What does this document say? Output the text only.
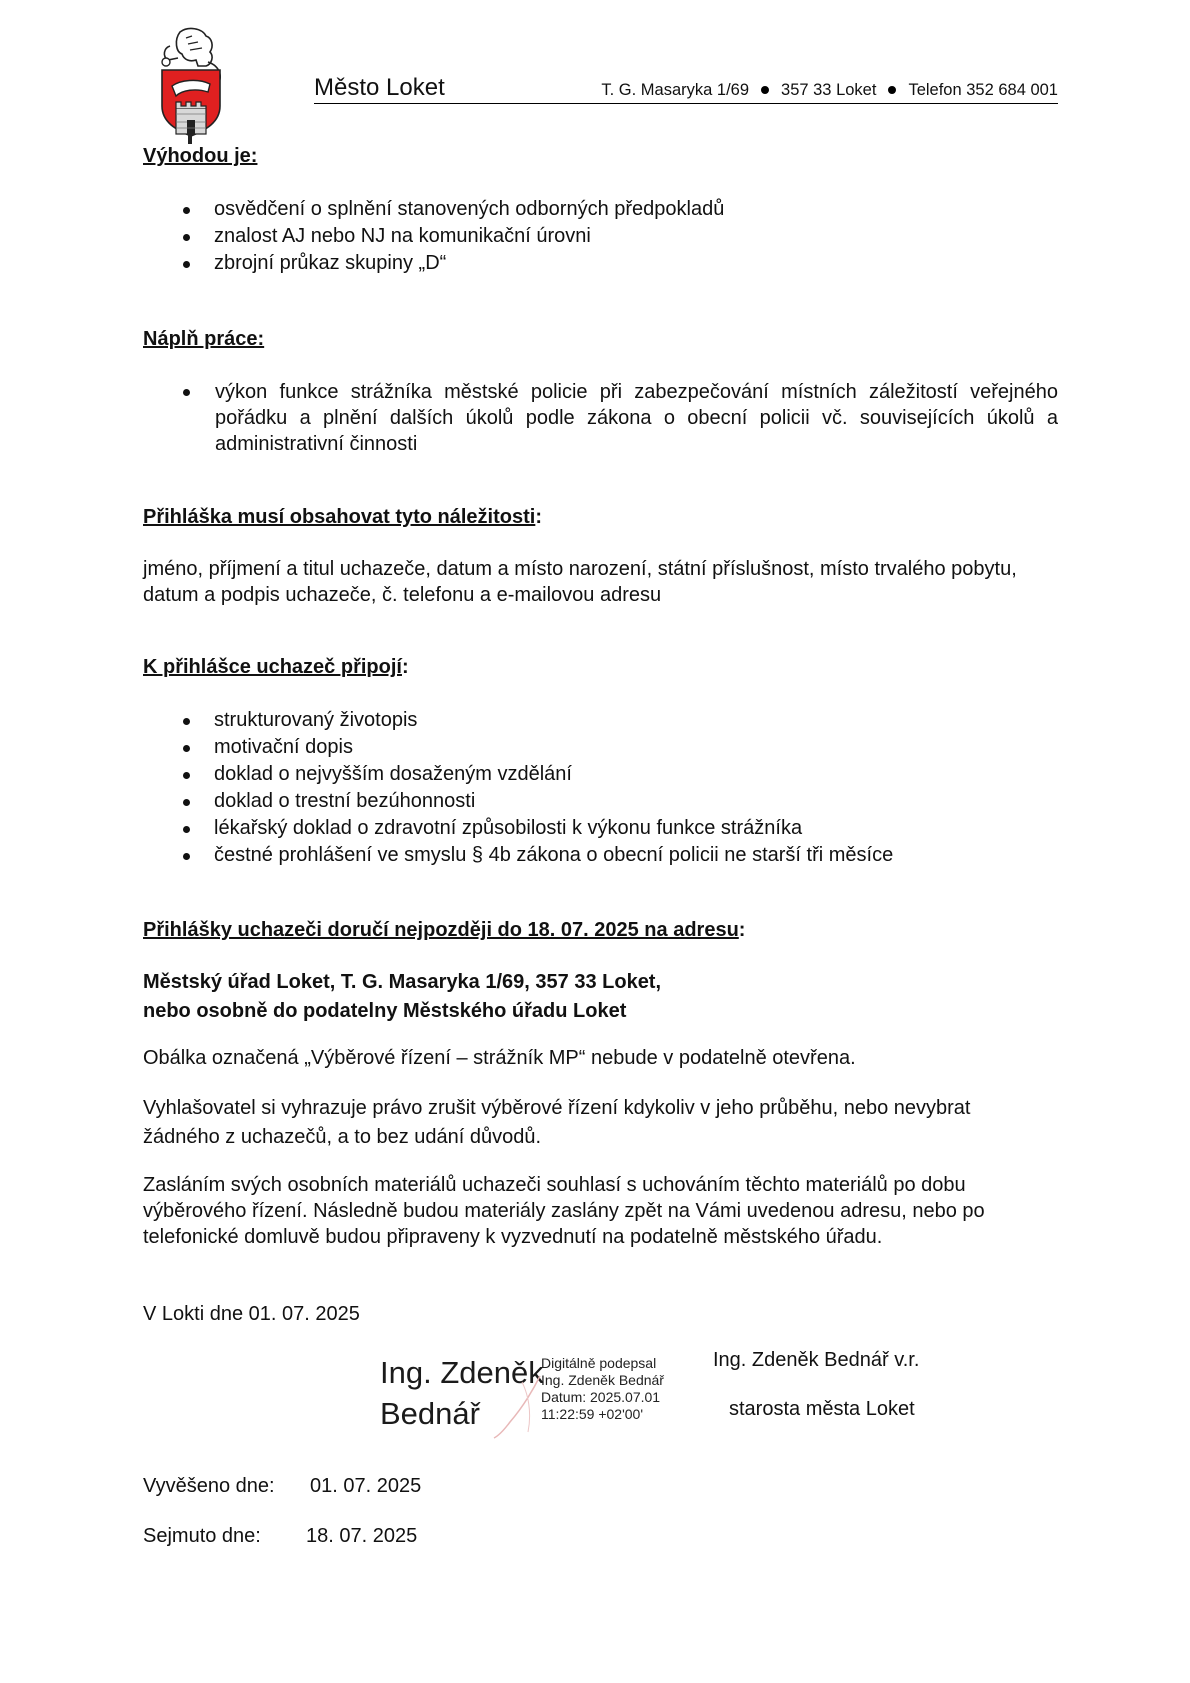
Město Loket	T. G. Masaryka 1/69 357 33 Loket Telefon 352 684 001
Výhodou je:
osvědčení o splnění stanovených odborných předpokladů
znalost AJ nebo NJ na komunikační úrovni
zbrojní průkaz skupiny „D“
Náplň práce:
výkon funkce strážníka městské policie při zabezpečování místních záležitostí veřejného pořádku a plnění dalších úkolů podle zákona o obecní policii vč. souvisejících úkolů a administrativní činnosti
Přihláška musí obsahovat tyto náležitosti:
jméno, příjmení a titul uchazeče, datum a místo narození, státní příslušnost, místo trvalého pobytu, datum a podpis uchazeče, č. telefonu a e-mailovou adresu
K přihlášce uchazeč připojí:
strukturovaný životopis
motivační dopis
doklad o nejvyšším dosaženým vzdělání
doklad o trestní bezúhonnosti
lékařský doklad o zdravotní způsobilosti k výkonu funkce strážníka
čestné prohlášení ve smyslu § 4b zákona o obecní policii ne starší tři měsíce
Přihlášky uchazeči doručí nejpozději do 18. 07. 2025 na adresu:
Městský úřad Loket, T. G. Masaryka 1/69, 357 33 Loket,
nebo osobně do podatelny Městského úřadu Loket
Obálka označená „Výběrové řízení – strážník MP“ nebude v podatelně otevřena.
Vyhlašovatel si vyhrazuje právo zrušit výběrové řízení kdykoliv v jeho průběhu, nebo nevybrat žádného z uchazečů, a to bez udání důvodů.
Zasláním svých osobních materiálů uchazeči souhlasí s uchováním těchto materiálů po dobu výběrového řízení. Následně budou materiály zaslány zpět na Vámi uvedenou adresu, nebo po telefonické domluvě budou připraveny k vyzvednutí na podatelně městského úřadu.
V Lokti dne 01. 07. 2025
Ing. Zdeněk
Bednář
Digitálně podepsal
Ing. Zdeněk Bednář
Datum: 2025.07.01
11:22:59 +02'00'
Ing. Zdeněk Bednář v.r.
starosta města Loket
Vyvěšeno dne: 01. 07. 2025
Sejmuto dne: 18. 07. 2025
